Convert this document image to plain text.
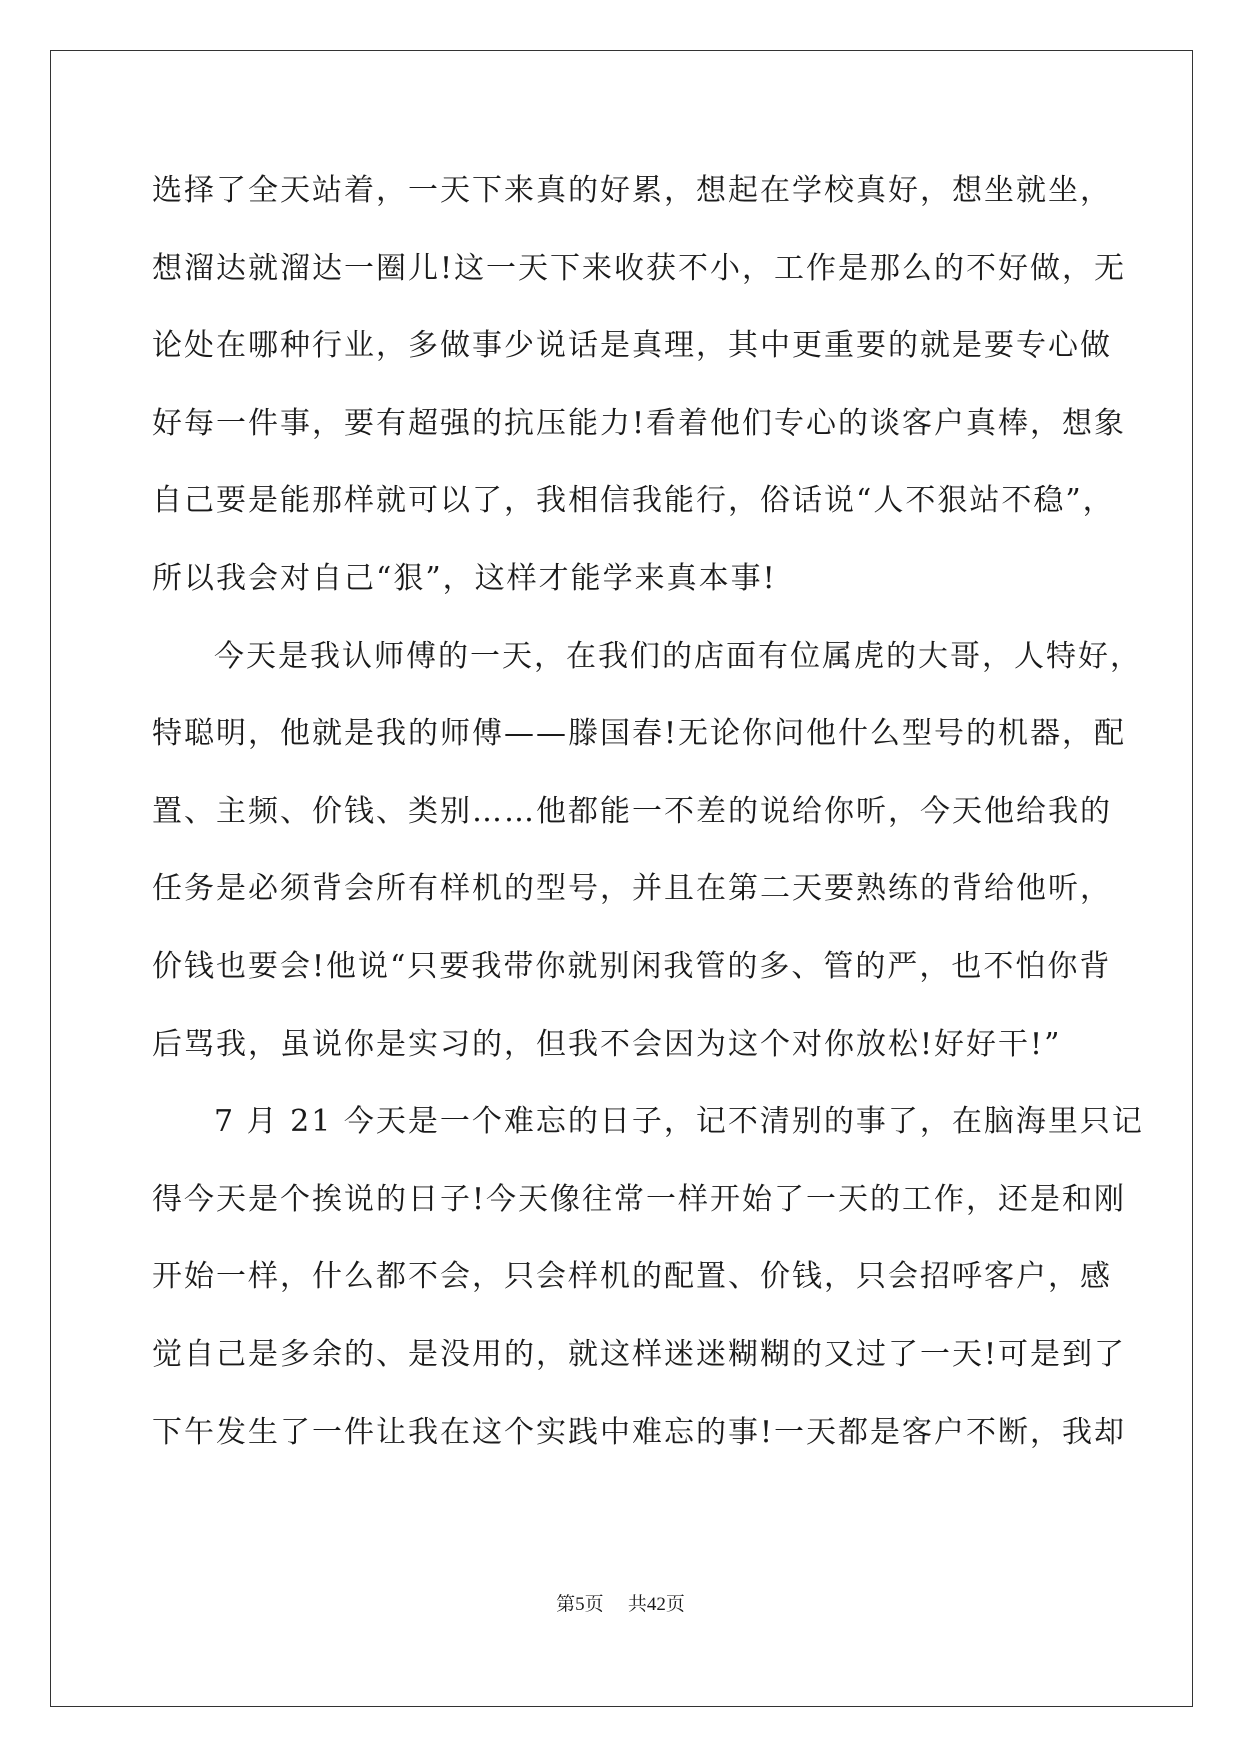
选择了全天站着，一天下来真的好累，想起在学校真好，想坐就坐，
想溜达就溜达一圈儿!这一天下来收获不小，工作是那么的不好做，无
论处在哪种行业，多做事少说话是真理，其中更重要的就是要专心做
好每一件事，要有超强的抗压能力!看着他们专心的谈客户真棒，想象
自己要是能那样就可以了，我相信我能行，俗话说“人不狠站不稳”，
所以我会对自己“狠”，这样才能学来真本事!
今天是我认师傅的一天，在我们的店面有位属虎的大哥，人特好，
特聪明，他就是我的师傅——滕国春!无论你问他什么型号的机器，配
置、主频、价钱、类别……他都能一不差的说给你听，今天他给我的
任务是必须背会所有样机的型号，并且在第二天要熟练的背给他听，
价钱也要会!他说“只要我带你就别闲我管的多、管的严，也不怕你背
后骂我，虽说你是实习的，但我不会因为这个对你放松!好好干!”
7 月 21 今天是一个难忘的日子，记不清别的事了，在脑海里只记
得今天是个挨说的日子!今天像往常一样开始了一天的工作，还是和刚
开始一样，什么都不会，只会样机的配置、价钱，只会招呼客户，感
觉自己是多余的、是没用的，就这样迷迷糊糊的又过了一天!可是到了
下午发生了一件让我在这个实践中难忘的事!一天都是客户不断，我却
第5页 共42页
